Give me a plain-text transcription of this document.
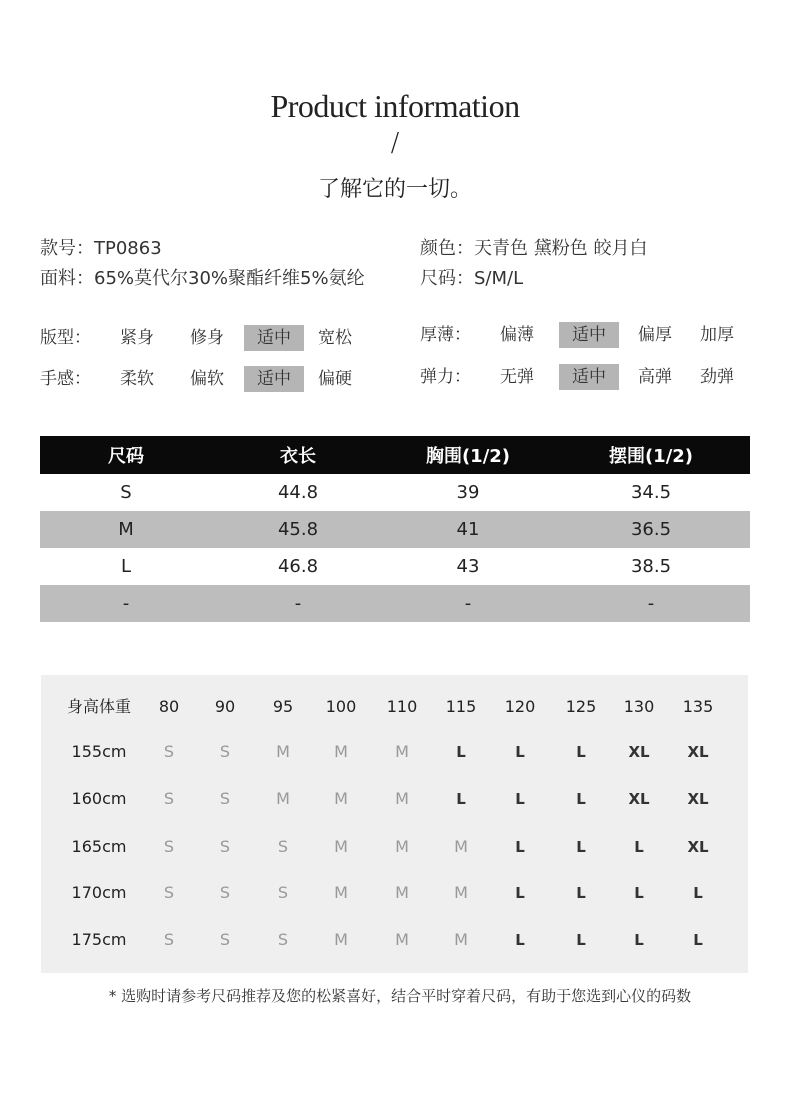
Product information
/
了解它的一切。
款号：TP0863
面料：65%莫代尔30%聚酯纤维5%氨纶
颜色：天青色 黛粉色 皎月白
尺码：S/M/L
版型： 紧身 修身	适中	宽松	厚薄： 偏薄	适中	偏厚 加厚
手感： 柔软 偏软	适中	偏硬	弹力： 无弹	适中	高弹 劲弹
尺码	衣长	胸围(1/2)	摆围(1/2)
S	44.8	39	34.5
M	45.8	41	36.5
L	46.8	43	38.5
-	-	-	-
身高体重	80	90	95	100	110	115	120	125	130	135
155cm	S	S	M	M	M	L	L	L	XL	XL
160cm	S	S	M	M	M	L	L	L	XL	XL
165cm	S	S	S	M	M	M	L	L	L	XL
170cm	S	S	S	M	M	M	L	L	L	L
175cm	S	S	S	M	M	M	L	L	L	L
* 选购时请参考尺码推荐及您的松紧喜好，结合平时穿着尺码，有助于您选到心仪的码数
